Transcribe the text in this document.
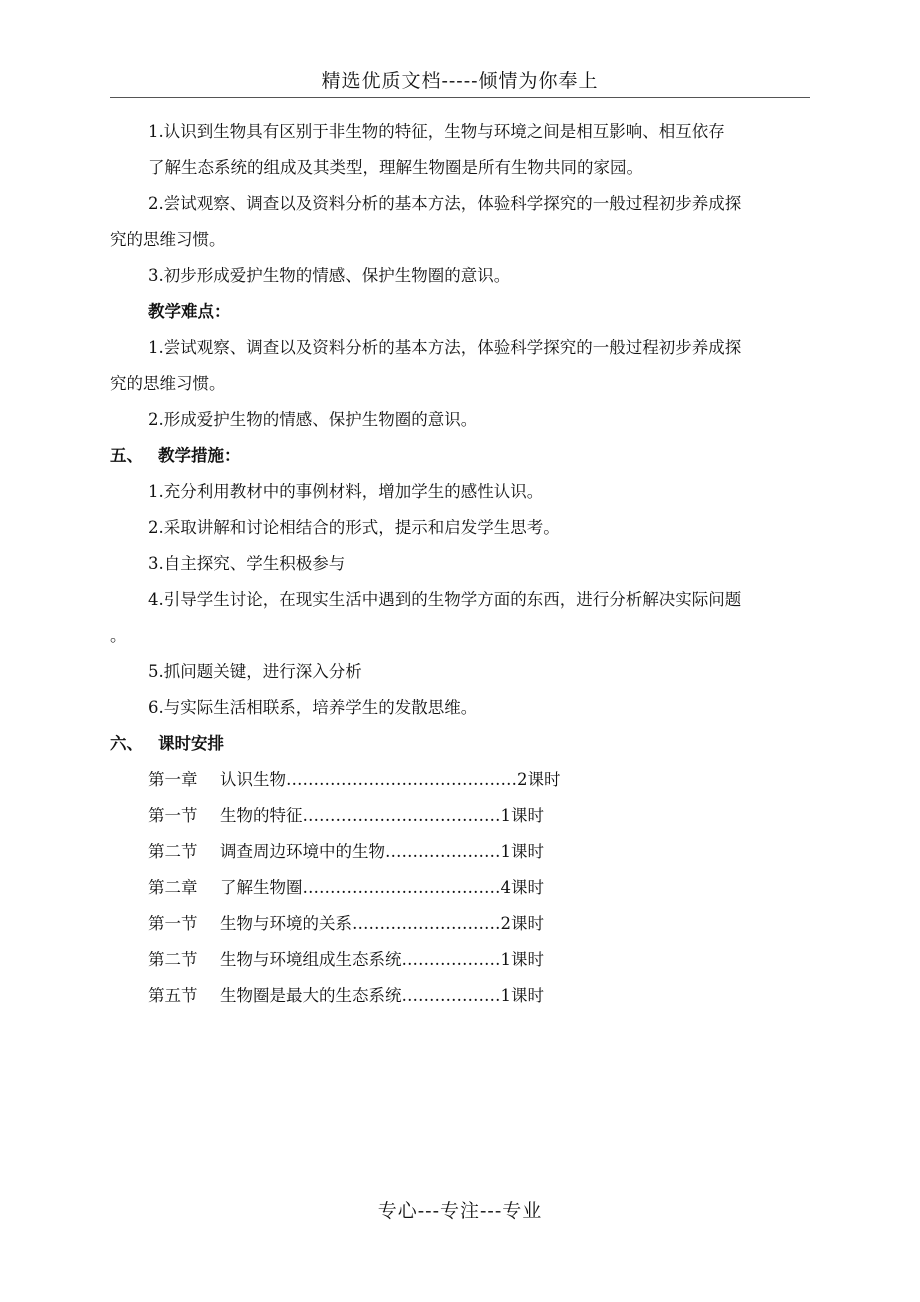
精选优质文档-----倾情为你奉上
1.认识到生物具有区别于非生物的特征，生物与环境之间是相互影响、相互依存
了解生态系统的组成及其类型，理解生物圈是所有生物共同的家园。
2.尝试观察、调查以及资料分析的基本方法，体验科学探究的一般过程初步养成探
究的思维习惯。
3.初步形成爱护生物的情感、保护生物圈的意识。
教学难点：
1.尝试观察、调查以及资料分析的基本方法，体验科学探究的一般过程初步养成探
究的思维习惯。
2.形成爱护生物的情感、保护生物圈的意识。
五、 教学措施：
1.充分利用教材中的事例材料，增加学生的感性认识。
2.采取讲解和讨论相结合的形式，提示和启发学生思考。
3.自主探究、学生积极参与
4.引导学生讨论，在现实生活中遇到的生物学方面的东西，进行分析解决实际问题
。
5.抓问题关键，进行深入分析
6.与实际生活相联系，培养学生的发散思维。
六、 课时安排
第一章 认识生物……………………………………2课时
第一节 生物的特征………………………………1课时
第二节 调查周边环境中的生物…………………1课时
第二章 了解生物圈………………………………4课时
第一节 生物与环境的关系………………………2课时
第二节 生物与环境组成生态系统………………1课时
第五节 生物圈是最大的生态系统………………1课时
专心---专注---专业
